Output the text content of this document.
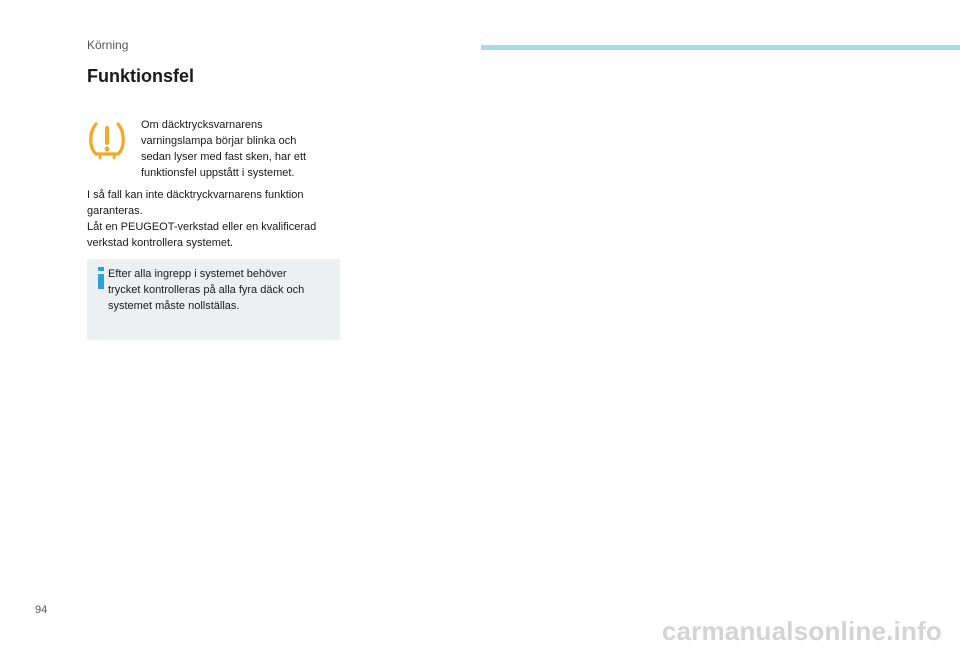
Körning
Funktionsfel

Om däcktrycksvarnarens
varningslampa börjar blinka och
sedan lyser med fast sken, har ett
funktionsfel uppstått i systemet.

I så fall kan inte däcktryckvarnarens funktion
garanteras.

Låt en PEUGEOT-verkstad eller en kvalificerad
verkstad kontrollera systemet.

Efter alla ingrepp i systemet behöver
trycket kontrolleras på alla fyra däck och
systemet måste nollställas.

94
carmanualsonline.info
